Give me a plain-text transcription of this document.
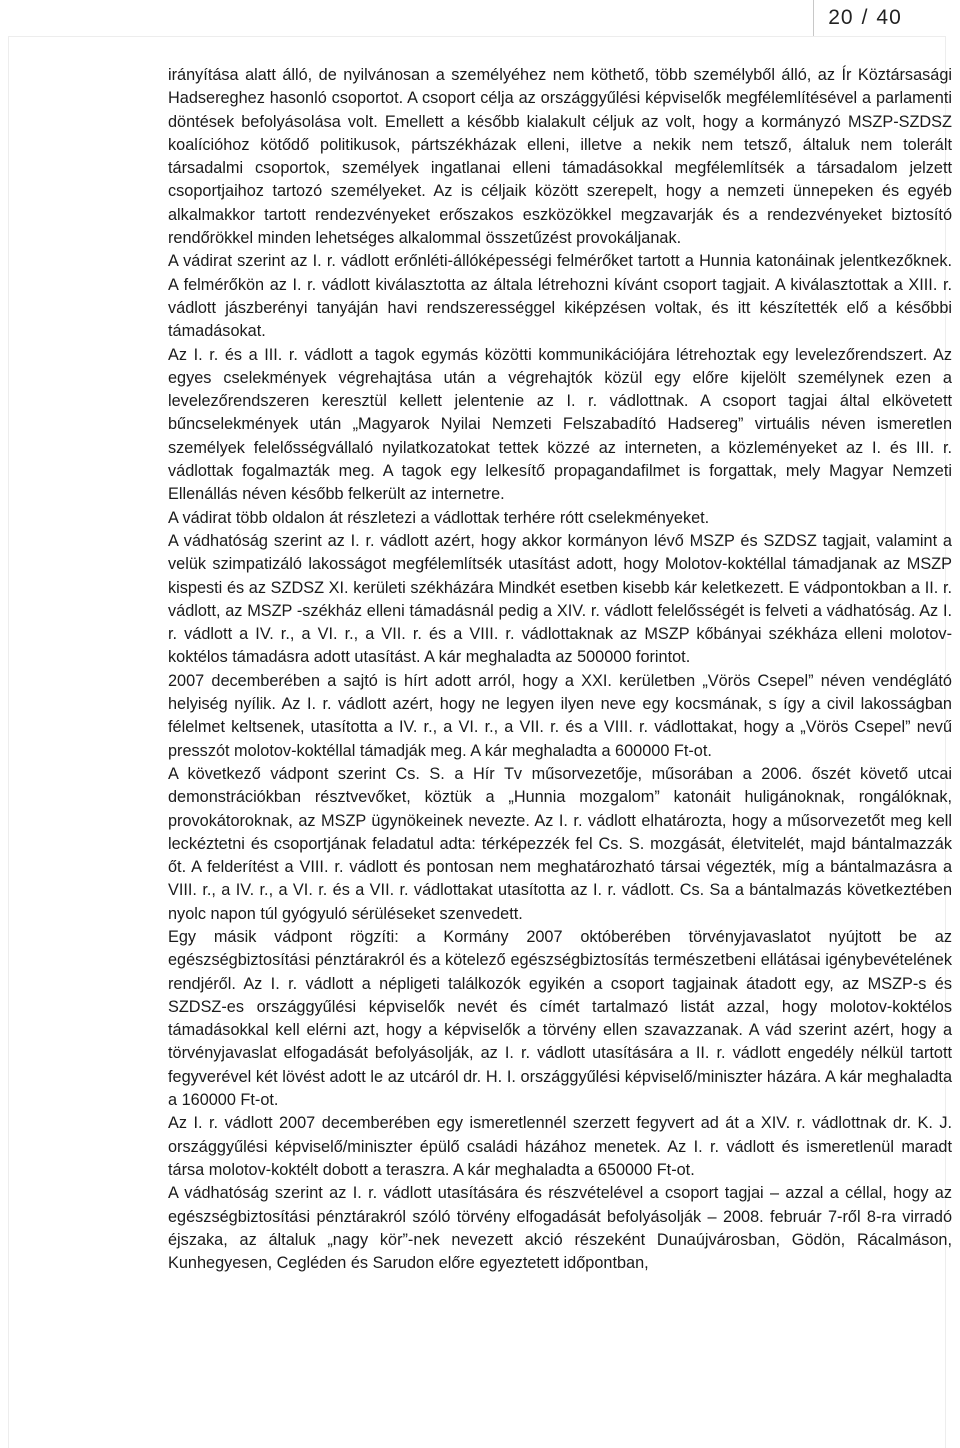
20 / 40

irányítása alatt álló, de nyilvánosan a személyéhez nem köthető, több személyből álló, az Ír Köztársasági Hadsereghez hasonló csoportot. A csoport célja az országgyűlési képviselők megfélemlítésével a parlamenti döntések befolyásolása volt. Emellett a később kialakult céljuk az volt, hogy a kormányzó MSZP-SZDSZ koalícióhoz kötődő politikusok, pártszékházak elleni, illetve a nekik nem tetsző, általuk nem tolerált társadalmi csoportok, személyek ingatlanai elleni támadásokkal megfélemlítsék a társadalom jelzett csoportjaihoz tartozó személyeket. Az is céljaik között szerepelt, hogy a nemzeti ünnepeken és egyéb alkalmakkor tartott rendezvényeket erőszakos eszközökkel megzavarják és a rendezvényeket biztosító rendőrökkel minden lehetséges alkalommal összetűzést provokáljanak.

A vádirat szerint az I. r. vádlott erőnléti-állóképességi felmérőket tartott a Hunnia katonáinak jelentkezőknek. A felmérőkön az I. r. vádlott kiválasztotta az általa létrehozni kívánt csoport tagjait. A kiválasztottak a XIII. r. vádlott jászberényi tanyáján havi rendszerességgel kiképzésen voltak, és itt készítették elő a későbbi támadásokat.

Az I. r. és a III. r. vádlott a tagok egymás közötti kommunikációjára létrehoztak egy levelezőrendszert. Az egyes cselekmények végrehajtása után a végrehajtók közül egy előre kijelölt személynek ezen a levelezőrendszeren keresztül kellett jelentenie az I. r. vádlottnak. A csoport tagjai által elkövetett bűncselekmények után „Magyarok Nyilai Nemzeti Felszabadító Hadsereg” virtuális néven ismeretlen személyek felelősségvállaló nyilatkozatokat tettek közzé az interneten, a közleményeket az I. és III. r. vádlottak fogalmazták meg. A tagok egy lelkesítő propagandafilmet is forgattak, mely Magyar Nemzeti Ellenállás néven később felkerült az internetre.

A vádirat több oldalon át részletezi a vádlottak terhére rótt cselekményeket.

A vádhatóság szerint az I. r. vádlott azért, hogy akkor kormányon lévő MSZP és SZDSZ tagjait, valamint a velük szimpatizáló lakosságot megfélemlítsék utasítást adott, hogy Molotov-koktéllal támadjanak az MSZP kispesti és az SZDSZ XI. kerületi székházára Mindkét esetben kisebb kár keletkezett. E vádpontokban a II. r. vádlott, az MSZP -székház elleni támadásnál pedig a XIV. r. vádlott felelősségét is felveti a vádhatóság. Az I. r. vádlott a IV. r., a VI. r., a VII. r. és a VIII. r. vádlottaknak az MSZP kőbányai székháza elleni molotov-koktélos támadásra adott utasítást. A kár meghaladta az 500000 forintot.

2007 decemberében a sajtó is hírt adott arról, hogy a XXI. kerületben „Vörös Csepel” néven vendéglátó helyiség nyílik. Az I. r. vádlott azért, hogy ne legyen ilyen neve egy kocsmának, s így a civil lakosságban félelmet keltsenek, utasította a IV. r., a VI. r., a VII. r. és a VIII. r. vádlottakat, hogy a „Vörös Csepel” nevű presszót molotov-koktéllal támadják meg. A kár meghaladta a 600000 Ft-ot.

A következő vádpont szerint Cs. S. a Hír Tv műsorvezetője, műsorában a 2006. őszét követő utcai demonstrációkban résztvevőket, köztük a „Hunnia mozgalom” katonáit huligánoknak, rongálóknak, provokátoroknak, az MSZP ügynökeinek nevezte. Az I. r. vádlott elhatározta, hogy a műsorvezetőt meg kell leckéztetni és csoportjának feladatul adta: térképezzék fel Cs. S. mozgását, életvitelét, majd bántalmazzák őt. A felderítést a VIII. r. vádlott és pontosan nem meghatározható társai végezték, míg a bántalmazásra a VIII. r., a IV. r., a VI. r. és a VII. r. vádlottakat utasította az I. r. vádlott. Cs. Sa a bántalmazás következtében nyolc napon túl gyógyuló sérüléseket szenvedett.

Egy másik vádpont rögzíti: a Kormány 2007 októberében törvényjavaslatot nyújtott be az egészségbiztosítási pénztárakról és a kötelező egészségbiztosítás természetbeni ellátásai igénybevételének rendjéről. Az I. r. vádlott a népligeti találkozók egyikén a csoport tagjainak átadott egy, az MSZP-s és SZDSZ-es országgyűlési képviselők nevét és címét tartalmazó listát azzal, hogy molotov-koktélos támadásokkal kell elérni azt, hogy a képviselők a törvény ellen szavazzanak. A vád szerint azért, hogy a törvényjavaslat elfogadását befolyásolják, az I. r. vádlott utasítására a II. r. vádlott engedély nélkül tartott fegyverével két lövést adott le az utcáról dr. H. I. országgyűlési képviselő/miniszter házára. A kár meghaladta a 160000 Ft-ot.

Az I. r. vádlott 2007 decemberében egy ismeretlennél szerzett fegyvert ad át a XIV. r. vádlottnak dr. K. J. országgyűlési képviselő/miniszter épülő családi házához menetek. Az I. r. vádlott és ismeretlenül maradt társa molotov-koktélt dobott a teraszra. A kár meghaladta a 650000 Ft-ot.

A vádhatóság szerint az I. r. vádlott utasítására és részvételével a csoport tagjai – azzal a céllal, hogy az egészségbiztosítási pénztárakról szóló törvény elfogadását befolyásolják – 2008. február 7-ről 8-ra virradó éjszaka, az általuk „nagy kör”-nek nevezett akció részeként Dunaújvárosban, Gödön, Rácalmáson, Kunhegyesen, Cegléden és Sarudon előre egyeztetett időpontban,
